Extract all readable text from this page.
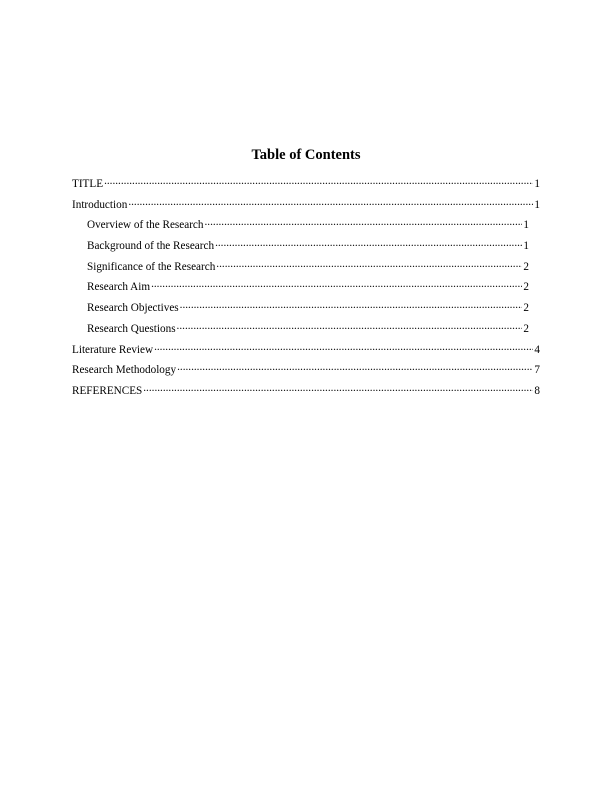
Table of Contents
TITLE .....	1
Introduction .....	1
Overview of the Research .....	1
Background of the Research .....	1
Significance of the Research .....	2
Research Aim .....	2
Research Objectives .....	2
Research Questions .....	2
Literature Review .....	4
Research Methodology .....	7
REFERENCES .....	8
